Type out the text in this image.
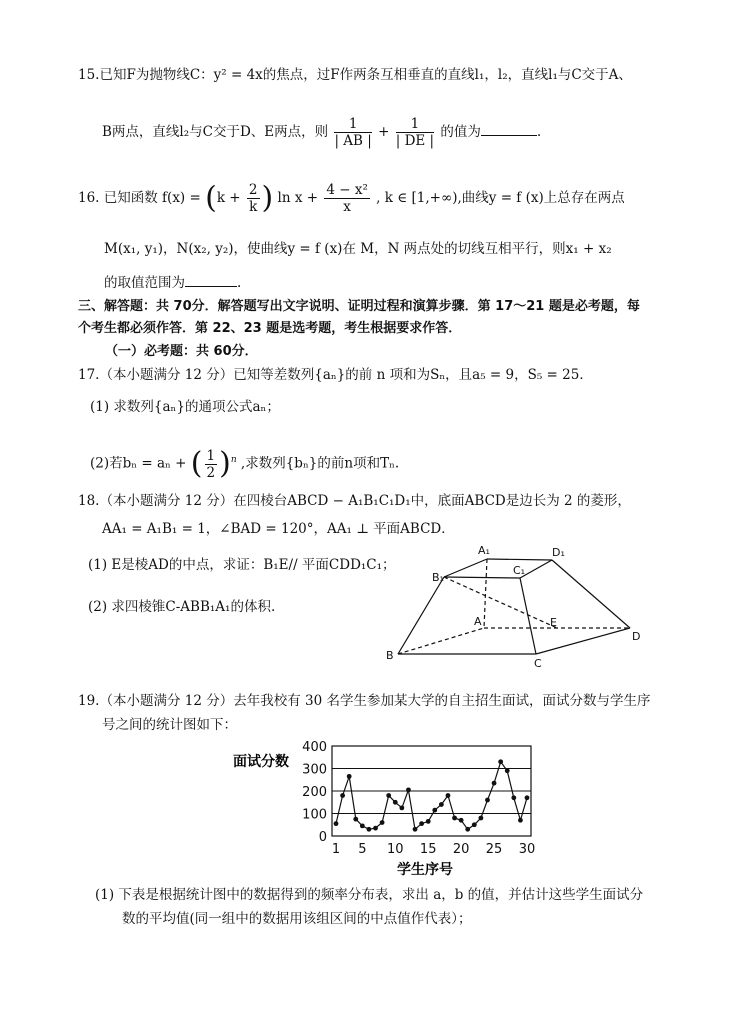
15.已知F为抛物线C：y² = 4x的焦点，过F作两条互相垂直的直线l₁，l₂，直线l₁与C交于A、
B两点，直线l₂与C交于D、E两点，则 $\frac{1}{| AB |} + \frac{1}{| DE |}$ 的值为	.
16. 已知函数 $f(x) = (k + \frac{2}{k}$ ) $\ln x + \frac{\text{4 − x²}}{x}$ , k ∈ [1,+∞),曲线y = f (x)上总存在两点
M(x₁, y₁)，N(x₂, y₂)，使曲线y = f (x)在 M，N 两点处的切线互相平行，则x₁ + x₂
的取值范围为	.
三、解答题：共 70分．解答题写出文字说明、证明过程和演算步骤．第 17～21 题是必考题，每
个考生都必须作答．第 22、23 题是选考题，考生根据要求作答．
（一）必考题：共 60分．
17.（本小题满分 12 分）已知等差数列{aₙ}的前 n 项和为Sₙ，且a₅ = 9，S₅ = 25．
(1) 求数列{aₙ}的通项公式aₙ；
(2)若bₙ = aₙ + ( $\frac{1}{2} )^n$ ,求数列{bₙ}的前n项和Tₙ.
18.（本小题满分 12 分）在四棱台ABCD − A₁B₁C₁D₁中，底面ABCD是边长为 2 的菱形，
AA₁ = A₁B₁ = 1，∠BAD = 120°，AA₁ ⊥ 平面ABCD．
(1) E是棱AD的中点，求证：B₁E// 平面CDD₁C₁；
(2) 求四棱锥C-ABB₁A₁的体积.
A₁	D₁
B₁
C₁
A	E
D
B
C
19.（本小题满分 12 分）去年我校有 30 名学生参加某大学的自主招生面试，面试分数与学生序
号之间的统计图如下：
面试分数
学生序号
0
100
200
300
400
1 5 10 15 20 25 30
(1) 下表是根据统计图中的数据得到的频率分布表，求出 a，b 的值，并估计这些学生面试分
数的平均值(同一组中的数据用该组区间的中点值作代表）；
